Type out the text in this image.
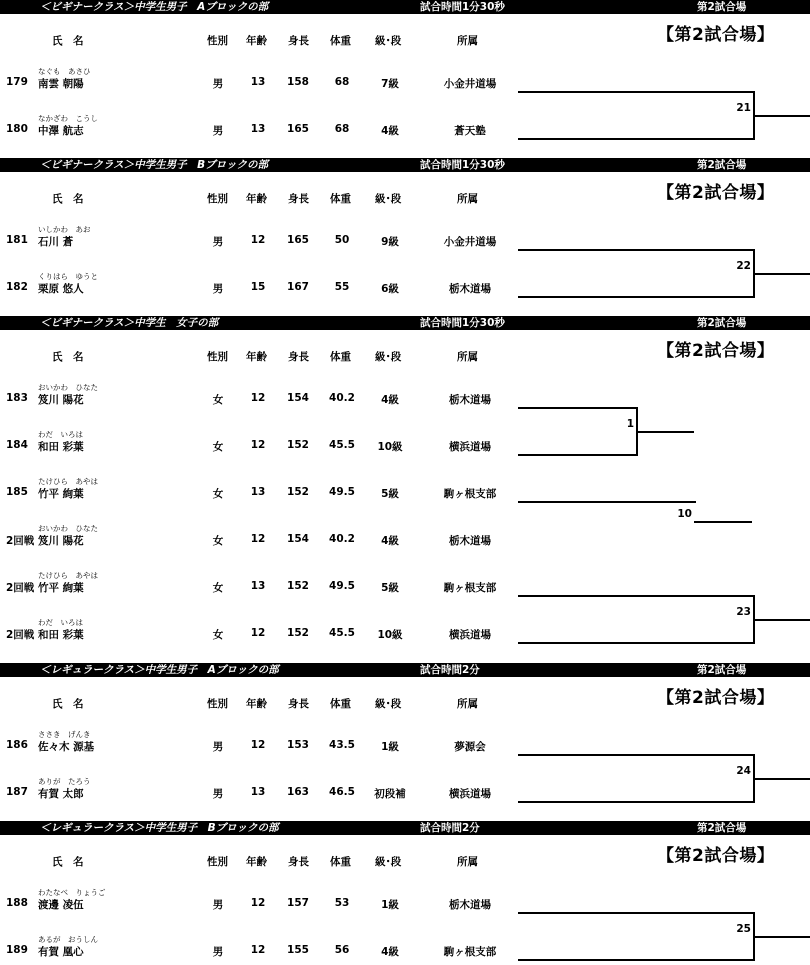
＜ビギナークラス＞中学生男子　Aブロックの部	試合時間1分30秒	第2試合場
【第2試合場】
氏　名	性別 年齢 身長 体重 級･段	所属
179
なぐも　あさひ
南雲 朝陽	男	13	158	68	7級	小金井道場
180
なかざわ　こうし
中澤 航志	男	13	165	68	4級	蒼天塾
21
＜ビギナークラス＞中学生男子　Bブロックの部	試合時間1分30秒	第2試合場
【第2試合場】
氏　名	性別 年齢 身長 体重 級･段	所属
181
いしかわ　あお
石川 蒼	男	12	165	50	9級	小金井道場
182
くりはら　ゆうと
栗原 悠人	男	15	167	55	6級	栃木道場
22
＜ビギナークラス＞中学生　女子の部	試合時間1分30秒	第2試合場
【第2試合場】
氏　名	性別 年齢 身長 体重 級･段	所属
183
おいかわ　ひなた
笈川 陽花	女	12	154	40.2	4級	栃木道場
184
わだ　いろは
和田 彩葉	女	12	152	45.5	10級	横浜道場
185
たけひら　あやは
竹平 絢葉	女	13	152	49.5	5級	駒ヶ根支部
2回戦
おいかわ　ひなた
笈川 陽花	女	12	154	40.2	4級	栃木道場
2回戦
たけひら　あやは
竹平 絢葉	女	13	152	49.5	5級	駒ヶ根支部
2回戦
わだ　いろは
和田 彩葉	女	12	152	45.5	10級	横浜道場
1
10
23
＜レギュラークラス＞中学生男子　Aブロックの部	試合時間2分	第2試合場
【第2試合場】
氏　名	性別 年齢 身長 体重 級･段	所属
186
ささき　げんき
佐々木 源基	男	12	153	43.5	1級	夢源会
187
ありが　たろう
有賀 太郎	男	13	163	46.5	初段補	横浜道場
24
＜レギュラークラス＞中学生男子　Bブロックの部	試合時間2分	第2試合場
【第2試合場】
氏　名	性別 年齢 身長 体重 級･段	所属
188
わたなべ　りょうご
渡邊 凌伍	男	12	157	53	1級	栃木道場
189
あるが　おうしん
有賀 凰心	男	12	155	56	4級	駒ヶ根支部
25
